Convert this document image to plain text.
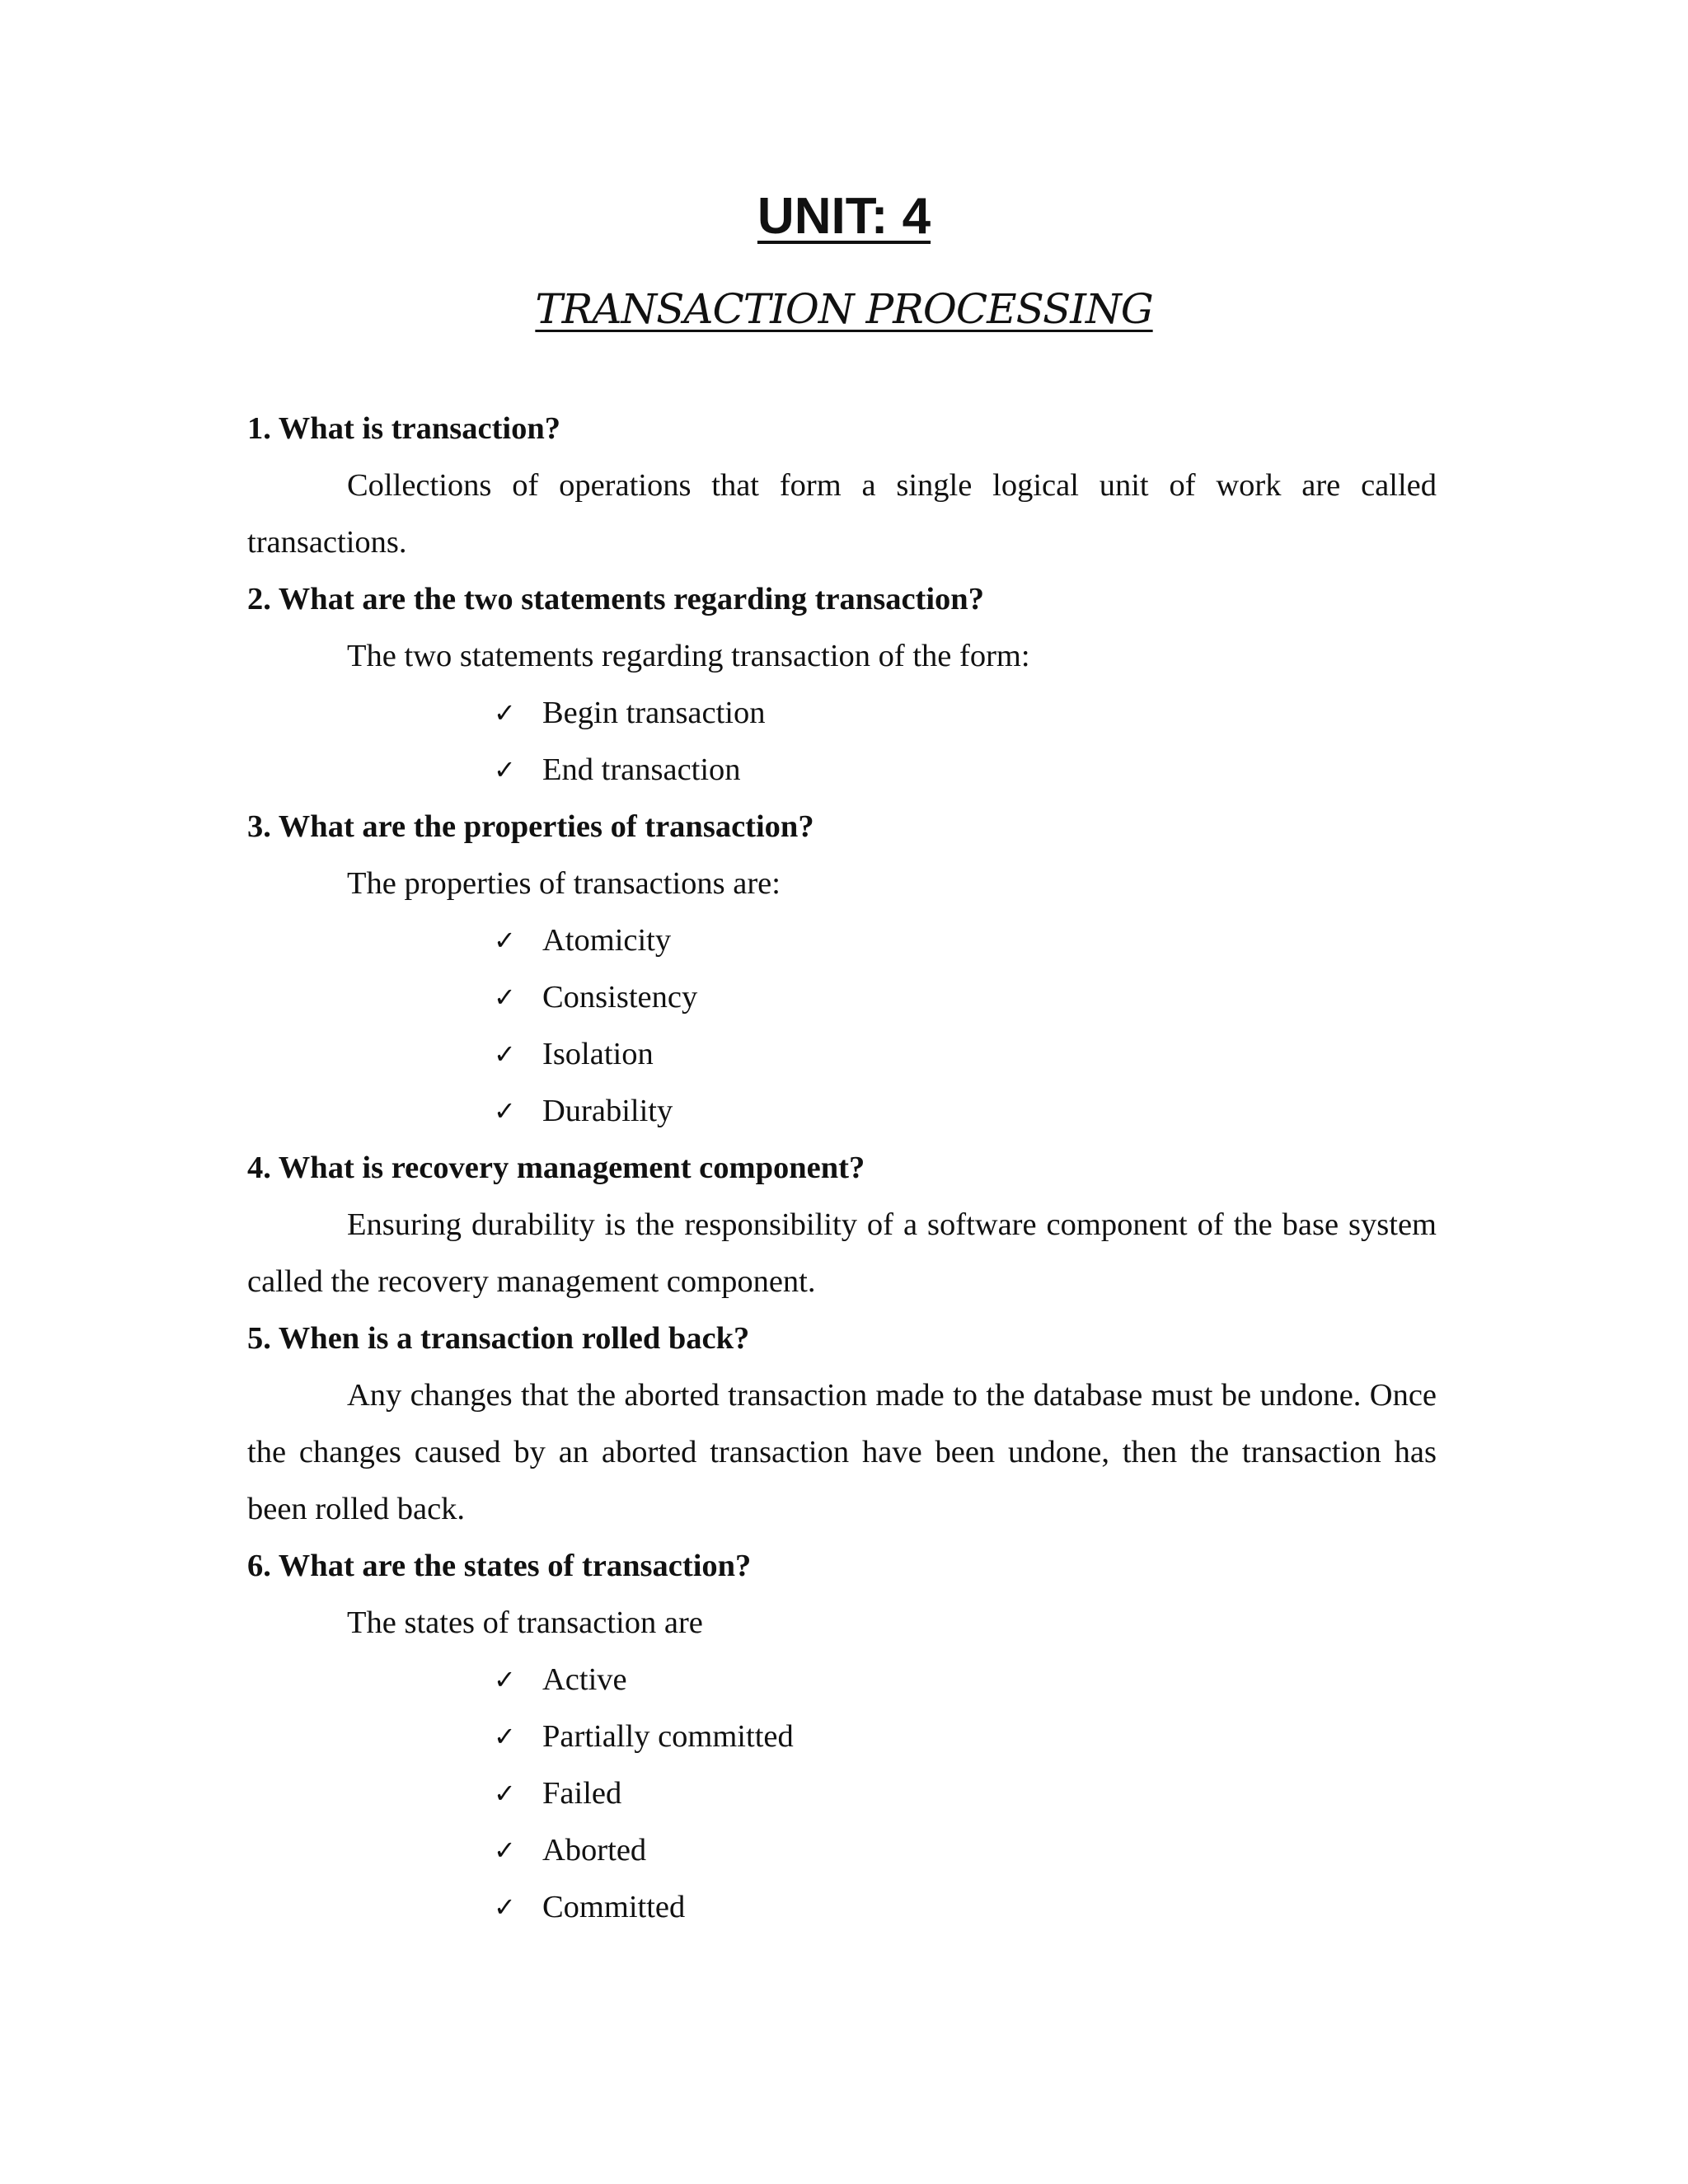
UNIT: 4
TRANSACTION PROCESSING

1. What is transaction?

Collections of operations that form a single logical unit of work are called transactions.

2. What are the two statements regarding transaction?

The two statements regarding transaction of the form:

✓ Begin transaction
✓ End transaction

3. What are the properties of transaction?

The properties of transactions are:

✓ Atomicity
✓ Consistency
✓ Isolation
✓ Durability

4. What is recovery management component?

Ensuring durability is the responsibility of a software component of the base system called the recovery management component.

5. When is a transaction rolled back?

Any changes that the aborted transaction made to the database must be undone. Once the changes caused by an aborted transaction have been undone, then the transaction has been rolled back.

6. What are the states of transaction?

The states of transaction are

✓ Active
✓ Partially committed
✓ Failed
✓ Aborted
✓ Committed
